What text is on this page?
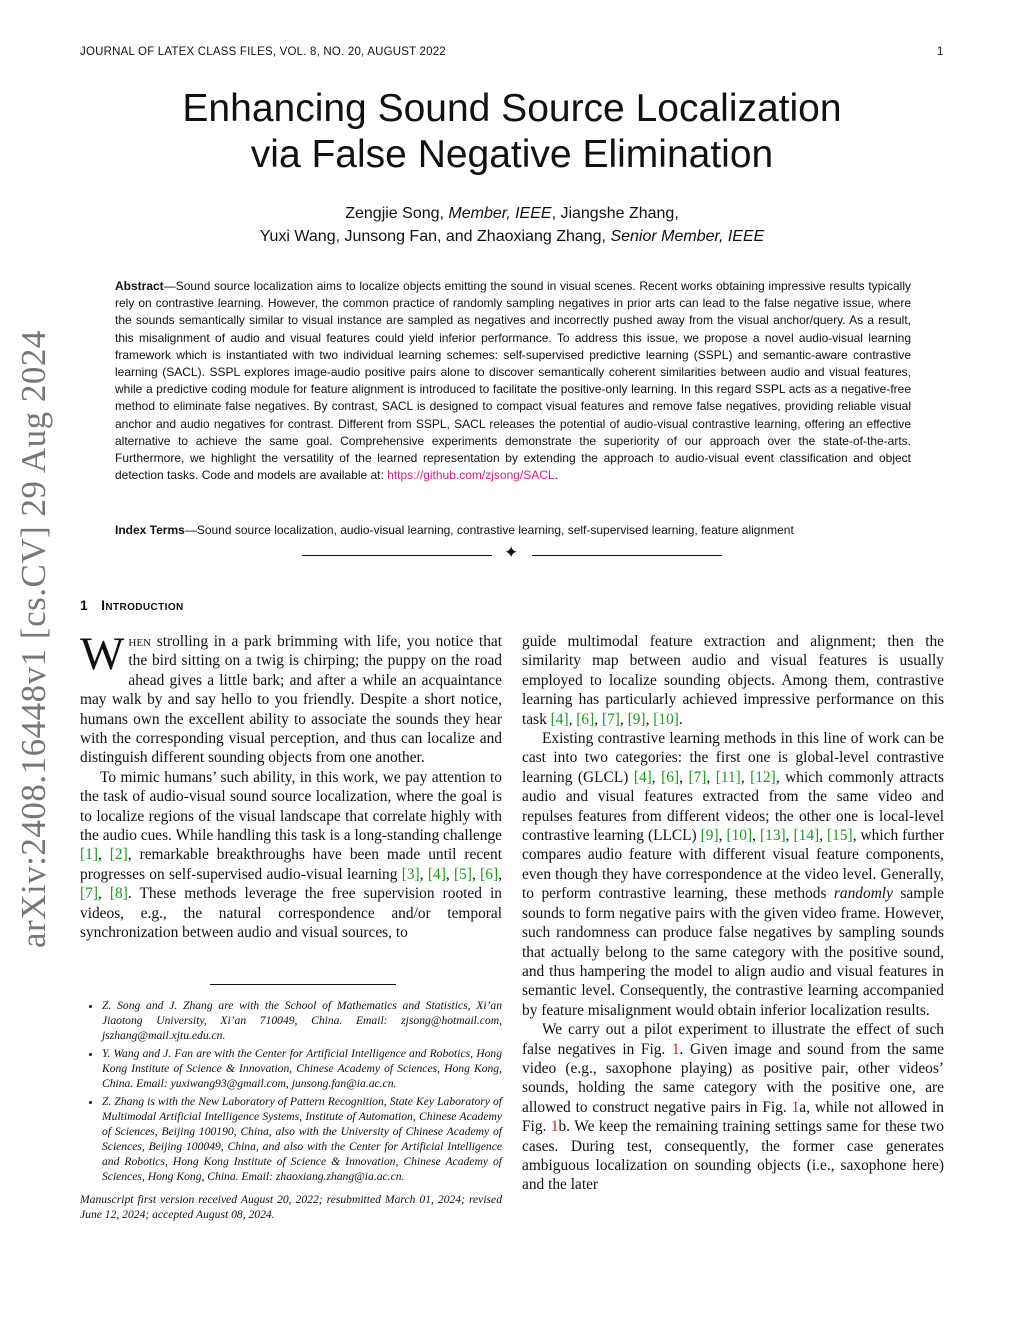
JOURNAL OF LATEX CLASS FILES, VOL. 8, NO. 20, AUGUST 2022	1
Enhancing Sound Source Localization
via False Negative Elimination
Zengjie Song, Member, IEEE, Jiangshe Zhang,
Yuxi Wang, Junsong Fan, and Zhaoxiang Zhang, Senior Member, IEEE
Abstract—Sound source localization aims to localize objects emitting the sound in visual scenes. Recent works obtaining impressive results typically rely on contrastive learning. However, the common practice of randomly sampling negatives in prior arts can lead to the false negative issue, where the sounds semantically similar to visual instance are sampled as negatives and incorrectly pushed away from the visual anchor/query. As a result, this misalignment of audio and visual features could yield inferior performance. To address this issue, we propose a novel audio-visual learning framework which is instantiated with two individual learning schemes: self-supervised predictive learning (SSPL) and semantic-aware contrastive learning (SACL). SSPL explores image-audio positive pairs alone to discover semantically coherent similarities between audio and visual features, while a predictive coding module for feature alignment is introduced to facilitate the positive-only learning. In this regard SSPL acts as a negative-free method to eliminate false negatives. By contrast, SACL is designed to compact visual features and remove false negatives, providing reliable visual anchor and audio negatives for contrast. Different from SSPL, SACL releases the potential of audio-visual contrastive learning, offering an effective alternative to achieve the same goal. Comprehensive experiments demonstrate the superiority of our approach over the state-of-the-arts. Furthermore, we highlight the versatility of the learned representation by extending the approach to audio-visual event classification and object detection tasks. Code and models are available at: https://github.com/zjsong/SACL.
Index Terms—Sound source localization, audio-visual learning, contrastive learning, self-supervised learning, feature alignment
✦
1 Introduction

When strolling in a park brimming with life, you notice that the bird sitting on a twig is chirping; the puppy on the road ahead gives a little bark; and after a while an acquaintance may walk by and say hello to you friendly. Despite a short notice, humans own the excellent ability to associate the sounds they hear with the corresponding visual perception, and thus can localize and distinguish different sounding objects from one another.

To mimic humans’ such ability, in this work, we pay attention to the task of audio-visual sound source localization, where the goal is to localize regions of the visual landscape that correlate highly with the audio cues. While handling this task is a long-standing challenge [1], [2], remarkable breakthroughs have been made until recent progresses on self-supervised audio-visual learning [3], [4], [5], [6], [7], [8]. These methods leverage the free supervision rooted in videos, e.g., the natural correspondence and/or temporal synchronization between audio and visual sources, to

• Z. Song and J. Zhang are with the School of Mathematics and Statistics, Xi’an Jiaotong University, Xi’an 710049, China. Email: zjsong@hotmail.com, jszhang@mail.xjtu.edu.cn.
• Y. Wang and J. Fan are with the Center for Artificial Intelligence and Robotics, Hong Kong Institute of Science & Innovation, Chinese Academy of Sciences, Hong Kong, China. Email: yuxiwang93@gmail.com, junsong.fan@ia.ac.cn.
• Z. Zhang is with the New Laboratory of Pattern Recognition, State Key Laboratory of Multimodal Artificial Intelligence Systems, Institute of Automation, Chinese Academy of Sciences, Beijing 100190, China, also with the University of Chinese Academy of Sciences, Beijing 100049, China, and also with the Center for Artificial Intelligence and Robotics, Hong Kong Institute of Science & Innovation, Chinese Academy of Sciences, Hong Kong, China. Email: zhaoxiang.zhang@ia.ac.cn.
Manuscript first version received August 20, 2022; resubmitted March 01, 2024; revised June 12, 2024; accepted August 08, 2024.

guide multimodal feature extraction and alignment; then the similarity map between audio and visual features is usually employed to localize sounding objects. Among them, contrastive learning has particularly achieved impressive performance on this task [4], [6], [7], [9], [10].

Existing contrastive learning methods in this line of work can be cast into two categories: the first one is global-level contrastive learning (GLCL) [4], [6], [7], [11], [12], which commonly attracts audio and visual features extracted from the same video and repulses features from different videos; the other one is local-level contrastive learning (LLCL) [9], [10], [13], [14], [15], which further compares audio feature with different visual feature components, even though they have correspondence at the video level. Generally, to perform contrastive learning, these methods randomly sample sounds to form negative pairs with the given video frame. However, such randomness can produce false negatives by sampling sounds that actually belong to the same category with the positive sound, and thus hampering the model to align audio and visual features in semantic level. Consequently, the contrastive learning accompanied by feature misalignment would obtain inferior localization results.

We carry out a pilot experiment to illustrate the effect of such false negatives in Fig. 1. Given image and sound from the same video (e.g., saxophone playing) as positive pair, other videos’ sounds, holding the same category with the positive one, are allowed to construct negative pairs in Fig. 1a, while not allowed in Fig. 1b. We keep the remaining training settings same for these two cases. During test, consequently, the former case generates ambiguous localization on sounding objects (i.e., saxophone here) and the later

arXiv:2408.16448v1 [cs.CV] 29 Aug 2024
